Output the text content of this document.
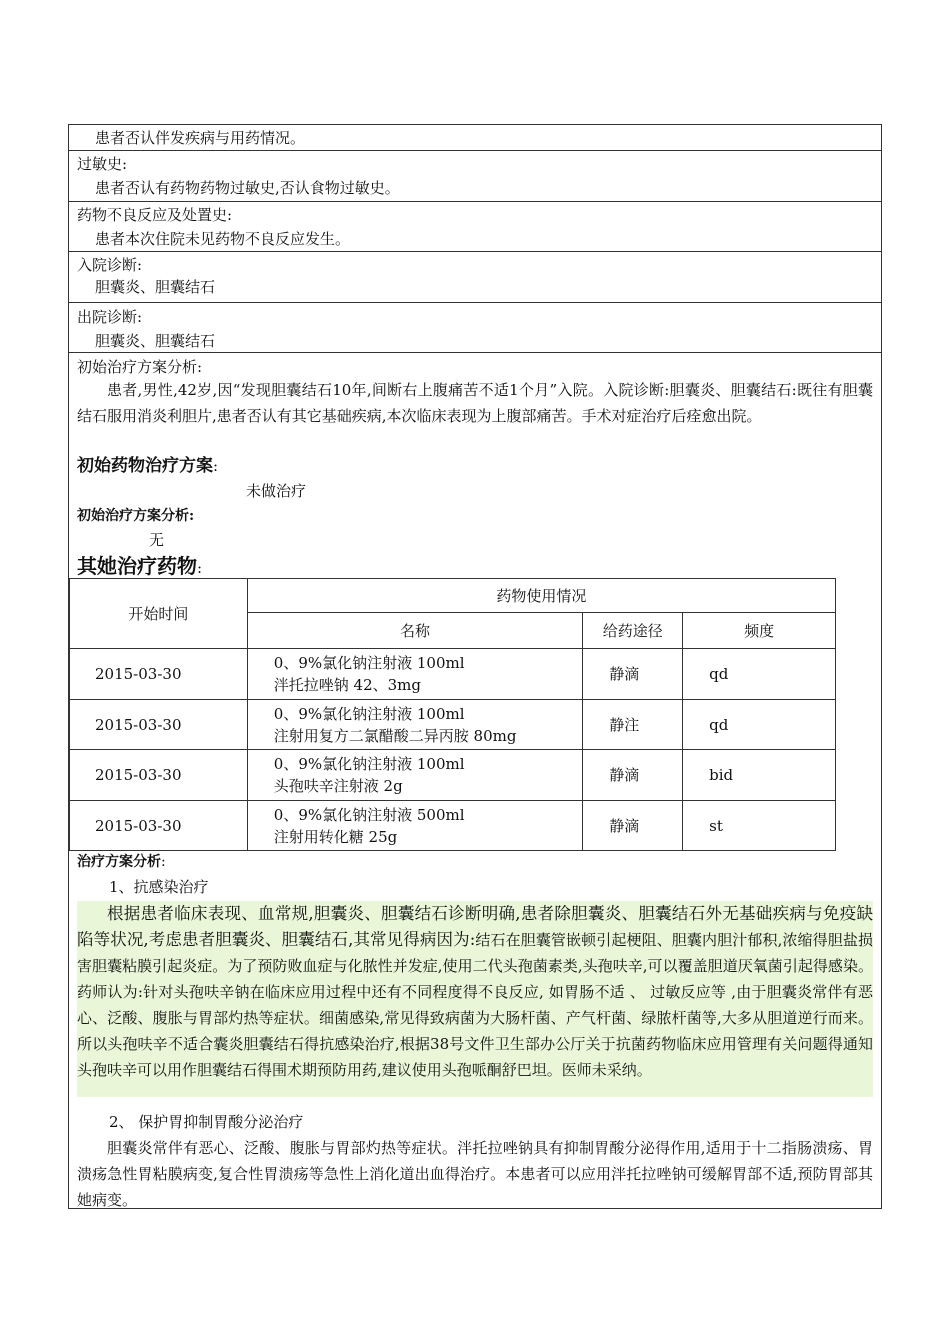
患者否认伴发疾病与用药情况。
过敏史:
患者否认有药物药物过敏史,否认食物过敏史。
药物不良反应及处置史:
患者本次住院未见药物不良反应发生。
入院诊断:
胆囊炎、胆囊结石
出院诊断:
胆囊炎、胆囊结石
初始治疗方案分析:
患者,男性,42岁,因“发现胆囊结石10年,间断右上腹痛苦不适1个月”入院。入院诊断:胆囊炎、胆囊结石:既往有胆囊结石服用消炎利胆片,患者否认有其它基础疾病,本次临床表现为上腹部痛苦。手术对症治疗后痊愈出院。
初始药物治疗方案:
未做治疗
初始治疗方案分析:
无
其她治疗药物:
开始时间	药物使用情况		
	名称	给药途径	频度
2015-03-30	0、9%氯化钠注射液 100ml
泮托拉唑钠 42、3mg	静滴	qd
2015-03-30	0、9%氯化钠注射液 100ml
注射用复方二氯醋酸二异丙胺 80mg	静注	qd
2015-03-30	0、9%氯化钠注射液 100ml
头孢呋辛注射液 2g	静滴	bid
2015-03-30	0、9%氯化钠注射液 500ml
注射用转化糖 25g	静滴	st
治疗方案分析:
1、抗感染治疗
根据患者临床表现、血常规,胆囊炎、胆囊结石诊断明确,患者除胆囊炎、胆囊结石外无基础疾病与免疫缺陷等状况,考虑患者胆囊炎、胆囊结石,其常见得病因为:结石在胆囊管嵌顿引起梗阻、胆囊内胆汁郁积,浓缩得胆盐损害胆囊粘膜引起炎症。为了预防败血症与化脓性并发症,使用二代头孢菌素类,头孢呋辛,可以覆盖胆道厌氧菌引起得感染。药师认为:针对头孢呋辛钠在临床应用过程中还有不同程度得不良反应, 如胃肠不适 、 过敏反应等 ,由于胆囊炎常伴有恶心、泛酸、腹胀与胃部灼热等症状。细菌感染,常见得致病菌为大肠杆菌、产气杆菌、绿脓杆菌等,大多从胆道逆行而来。所以头孢呋辛不适合囊炎胆囊结石得抗感染治疗,根据38号文件卫生部办公厅关于抗菌药物临床应用管理有关问题得通知头孢呋辛可以用作胆囊结石得围术期预防用药,建议使用头孢哌酮舒巴坦。医师未采纳。
2、 保护胃抑制胃酸分泌治疗
胆囊炎常伴有恶心、泛酸、腹胀与胃部灼热等症状。泮托拉唑钠具有抑制胃酸分泌得作用,适用于十二指肠溃疡、胃溃疡急性胃粘膜病变,复合性胃溃疡等急性上消化道出血得治疗。本患者可以应用泮托拉唑钠可缓解胃部不适,预防胃部其她病变。
